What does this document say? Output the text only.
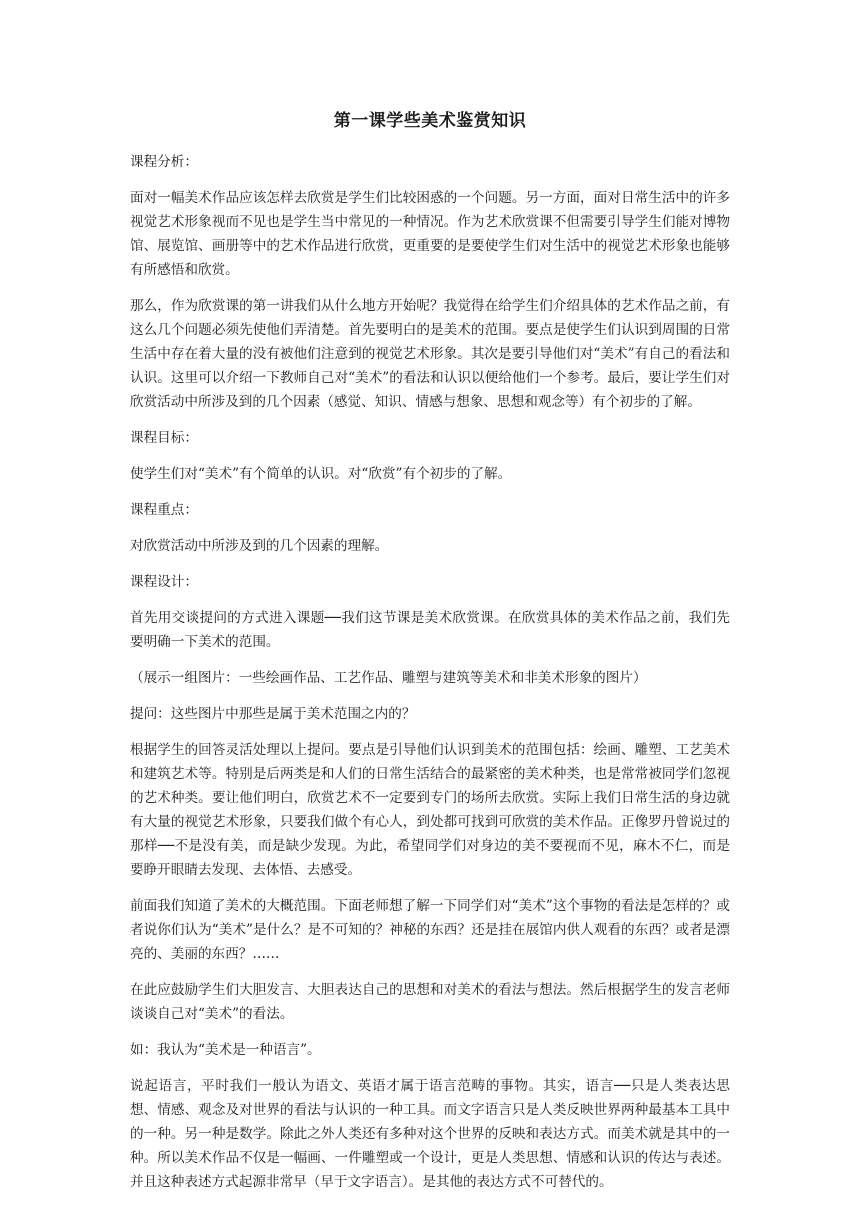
第一课学些美术鉴赏知识

课程分析：

面对一幅美术作品应该怎样去欣赏是学生们比较困惑的一个问题。另一方面，面对日常生活中的许多视觉艺术形象视而不见也是学生当中常见的一种情况。作为艺术欣赏课不但需要引导学生们能对博物馆、展览馆、画册等中的艺术作品进行欣赏，更重要的是要使学生们对生活中的视觉艺术形象也能够有所感悟和欣赏。

那么，作为欣赏课的第一讲我们从什么地方开始呢？我觉得在给学生们介绍具体的艺术作品之前，有这么几个问题必须先使他们弄清楚。首先要明白的是美术的范围。要点是使学生们认识到周围的日常生活中存在着大量的没有被他们注意到的视觉艺术形象。其次是要引导他们对“美术”有自己的看法和认识。这里可以介绍一下教师自己对“美术”的看法和认识以便给他们一个参考。最后，要让学生们对欣赏活动中所涉及到的几个因素（感觉、知识、情感与想象、思想和观念等）有个初步的了解。

课程目标：

使学生们对“美术”有个简单的认识。对“欣赏”有个初步的了解。

课程重点：

对欣赏活动中所涉及到的几个因素的理解。

课程设计：

首先用交谈提问的方式进入课题──我们这节课是美术欣赏课。在欣赏具体的美术作品之前，我们先要明确一下美术的范围。

（展示一组图片：一些绘画作品、工艺作品、雕塑与建筑等美术和非美术形象的图片）

提问：这些图片中那些是属于美术范围之内的？

根据学生的回答灵活处理以上提问。要点是引导他们认识到美术的范围包括：绘画、雕塑、工艺美术和建筑艺术等。特别是后两类是和人们的日常生活结合的最紧密的美术种类，也是常常被同学们忽视的艺术种类。要让他们明白，欣赏艺术不一定要到专门的场所去欣赏。实际上我们日常生活的身边就有大量的视觉艺术形象，只要我们做个有心人，到处都可找到可欣赏的美术作品。正像罗丹曾说过的那样──不是没有美，而是缺少发现。为此，希望同学们对身边的美不要视而不见，麻木不仁，而是要睁开眼睛去发现、去体悟、去感受。

前面我们知道了美术的大概范围。下面老师想了解一下同学们对“美术”这个事物的看法是怎样的？或者说你们认为“美术”是什么？是不可知的？神秘的东西？还是挂在展馆内供人观看的东西？或者是漂亮的、美丽的东西？……

在此应鼓励学生们大胆发言、大胆表达自己的思想和对美术的看法与想法。然后根据学生的发言老师谈谈自己对“美术”的看法。

如：我认为“美术是一种语言”。

说起语言，平时我们一般认为语文、英语才属于语言范畴的事物。其实，语言──只是人类表达思想、情感、观念及对世界的看法与认识的一种工具。而文字语言只是人类反映世界两种最基本工具中的一种。另一种是数学。除此之外人类还有多种对这个世界的反映和表达方式。而美术就是其中的一种。所以美术作品不仅是一幅画、一件雕塑或一个设计，更是人类思想、情感和认识的传达与表述。并且这种表述方式起源非常早（早于文字语言）。是其他的表达方式不可替代的。
